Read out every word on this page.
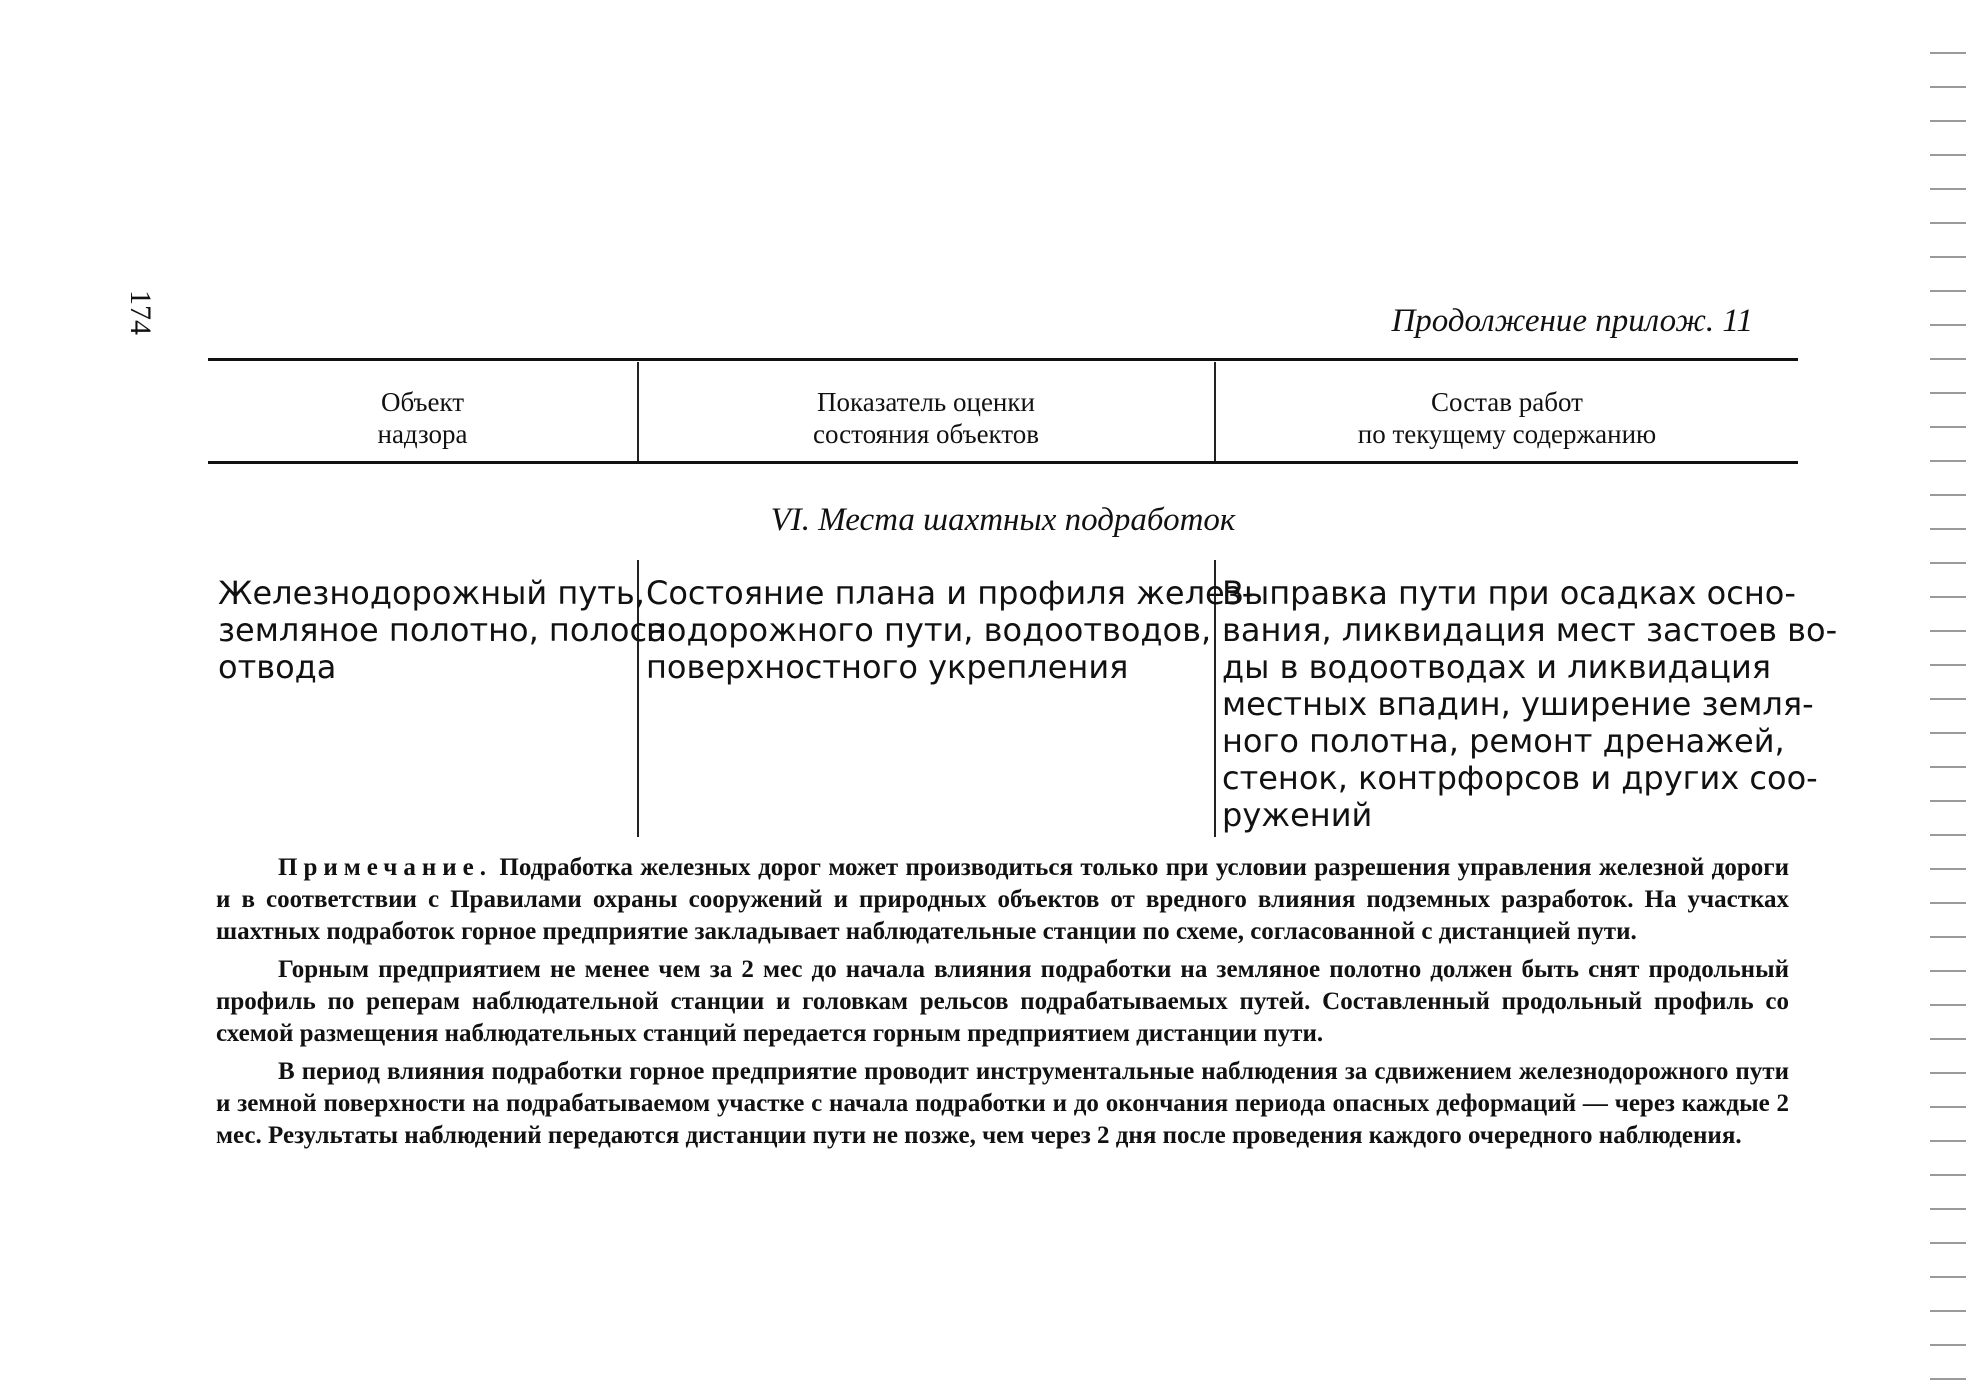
174	Продолжение прилож. 11
Объект
надзора
Показатель оценки
состояния объектов
Состав работ
по текущему содержанию
VI. Места шахтных подработок
Железнодорожный путь,
земляное полотно, полоса
отвода
Состояние плана и профиля желез-
нодорожного пути, водоотводов,
поверхностного укрепления
Выправка пути при осадках осно-
вания, ликвидация мест застоев во-
ды в водоотводах и ликвидация
местных впадин, уширение земля-
ного полотна, ремонт дренажей,
стенок, контрфорсов и других соо-
ружений

Примечание. Подработка железных дорог может производиться только при условии разрешения управления железной дороги и в соответствии с Правилами охраны сооружений и природных объектов от вредного влияния подземных разработок. На участках шахтных подработок горное предприятие закладывает наблюдательные станции по схеме, согласованной с дистанцией пути.

Горным предприятием не менее чем за 2 мес до начала влияния подработки на земляное полотно должен быть снят продольный профиль по реперам наблюдательной станции и головкам рельсов подрабатываемых путей. Составленный продольный профиль со схемой размещения наблюдательных станций передается горным предприятием дистанции пути.

В период влияния подработки горное предприятие проводит инструментальные наблюдения за сдвижением железнодорожного пути и земной поверхности на подрабатываемом участке с начала подработки и до окончания периода опасных деформаций — через каждые 2 мес. Результаты наблюдений передаются дистанции пути не позже, чем через 2 дня после проведения каждого очередного наблюдения.
